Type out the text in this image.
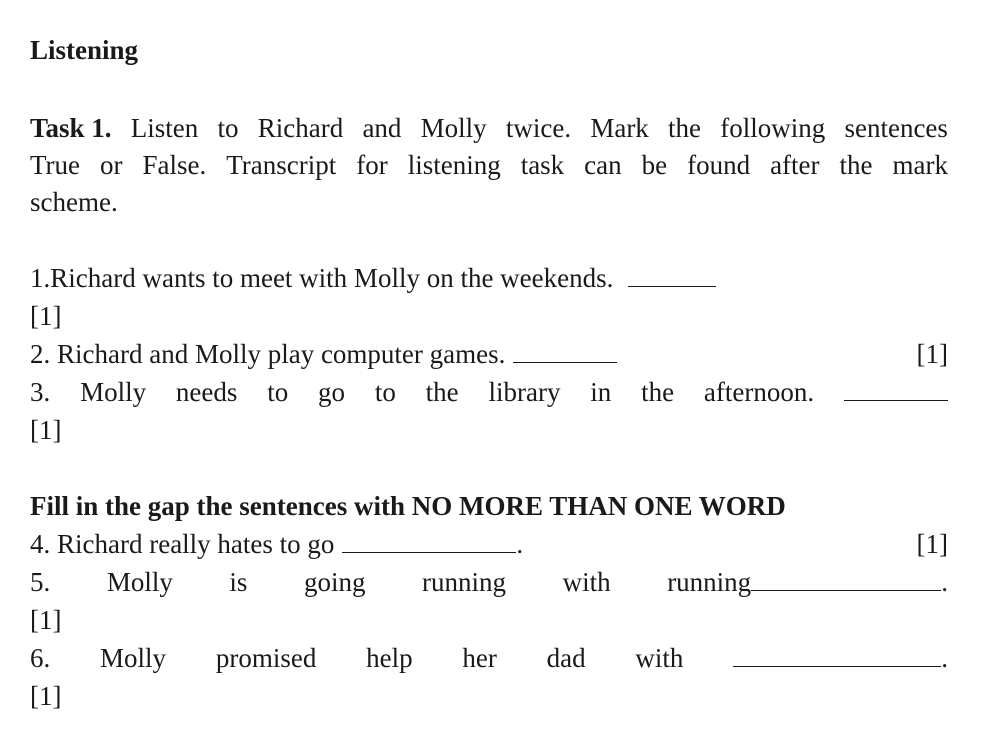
Listening
Task 1. Listen to Richard and Molly twice. Mark the following sentences
True or False. Transcript for listening task can be found after the mark
scheme.
1.Richard wants to meet with Molly on the weekends.
[1]
2. Richard and Molly play computer games.	[1]
3. Molly needs to go to the library in the afternoon.
[1]
Fill in the gap the sentences with NO MORE THAN ONE WORD
4. Richard really hates to go	.	[1]
5. Molly is going running with running	.
[1]
6. Molly promised help her dad with	.
[1]
